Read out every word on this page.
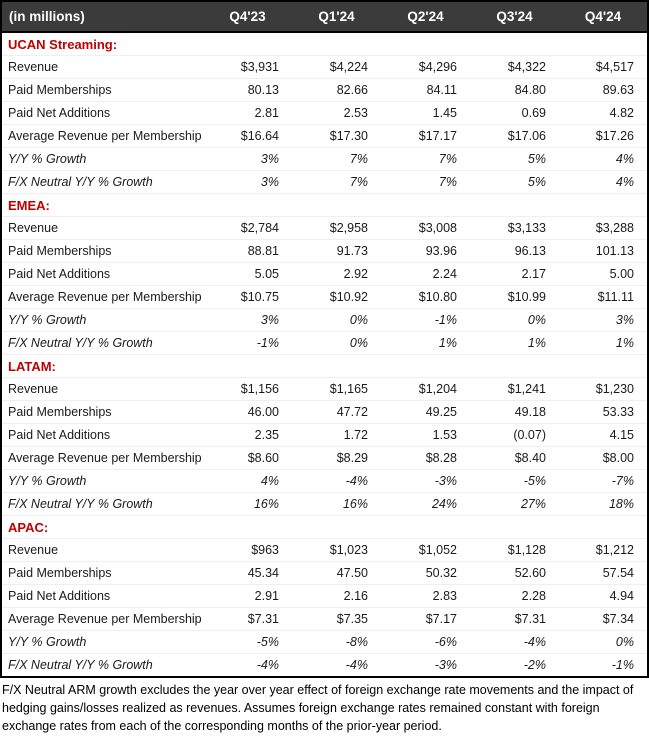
(in millions)	Q4'23	Q1'24	Q2'24	Q3'24	Q4'24
UCAN Streaming:					
Revenue	$3,931	$4,224	$4,296	$4,322	$4,517
Paid Memberships	80.13	82.66	84.11	84.80	89.63
Paid Net Additions	2.81	2.53	1.45	0.69	4.82
Average Revenue per Membership	$16.64	$17.30	$17.17	$17.06	$17.26
Y/Y % Growth	3%	7%	7%	5%	4%
F/X Neutral Y/Y % Growth	3%	7%	7%	5%	4%
EMEA:					
Revenue	$2,784	$2,958	$3,008	$3,133	$3,288
Paid Memberships	88.81	91.73	93.96	96.13	101.13
Paid Net Additions	5.05	2.92	2.24	2.17	5.00
Average Revenue per Membership	$10.75	$10.92	$10.80	$10.99	$11.11
Y/Y % Growth	3%	0%	-1%	0%	3%
F/X Neutral Y/Y % Growth	-1%	0%	1%	1%	1%
LATAM:					
Revenue	$1,156	$1,165	$1,204	$1,241	$1,230
Paid Memberships	46.00	47.72	49.25	49.18	53.33
Paid Net Additions	2.35	1.72	1.53	(0.07)	4.15
Average Revenue per Membership	$8.60	$8.29	$8.28	$8.40	$8.00
Y/Y % Growth	4%	-4%	-3%	-5%	-7%
F/X Neutral Y/Y % Growth	16%	16%	24%	27%	18%
APAC:					
Revenue	$963	$1,023	$1,052	$1,128	$1,212
Paid Memberships	45.34	47.50	50.32	52.60	57.54
Paid Net Additions	2.91	2.16	2.83	2.28	4.94
Average Revenue per Membership	$7.31	$7.35	$7.17	$7.31	$7.34
Y/Y % Growth	-5%	-8%	-6%	-4%	0%
F/X Neutral Y/Y % Growth	-4%	-4%	-3%	-2%	-1%

F/X Neutral ARM growth excludes the year over year effect of foreign exchange rate movements and the impact of hedging gains/losses realized as revenues. Assumes foreign exchange rates remained constant with foreign exchange rates from each of the corresponding months of the prior-year period.
